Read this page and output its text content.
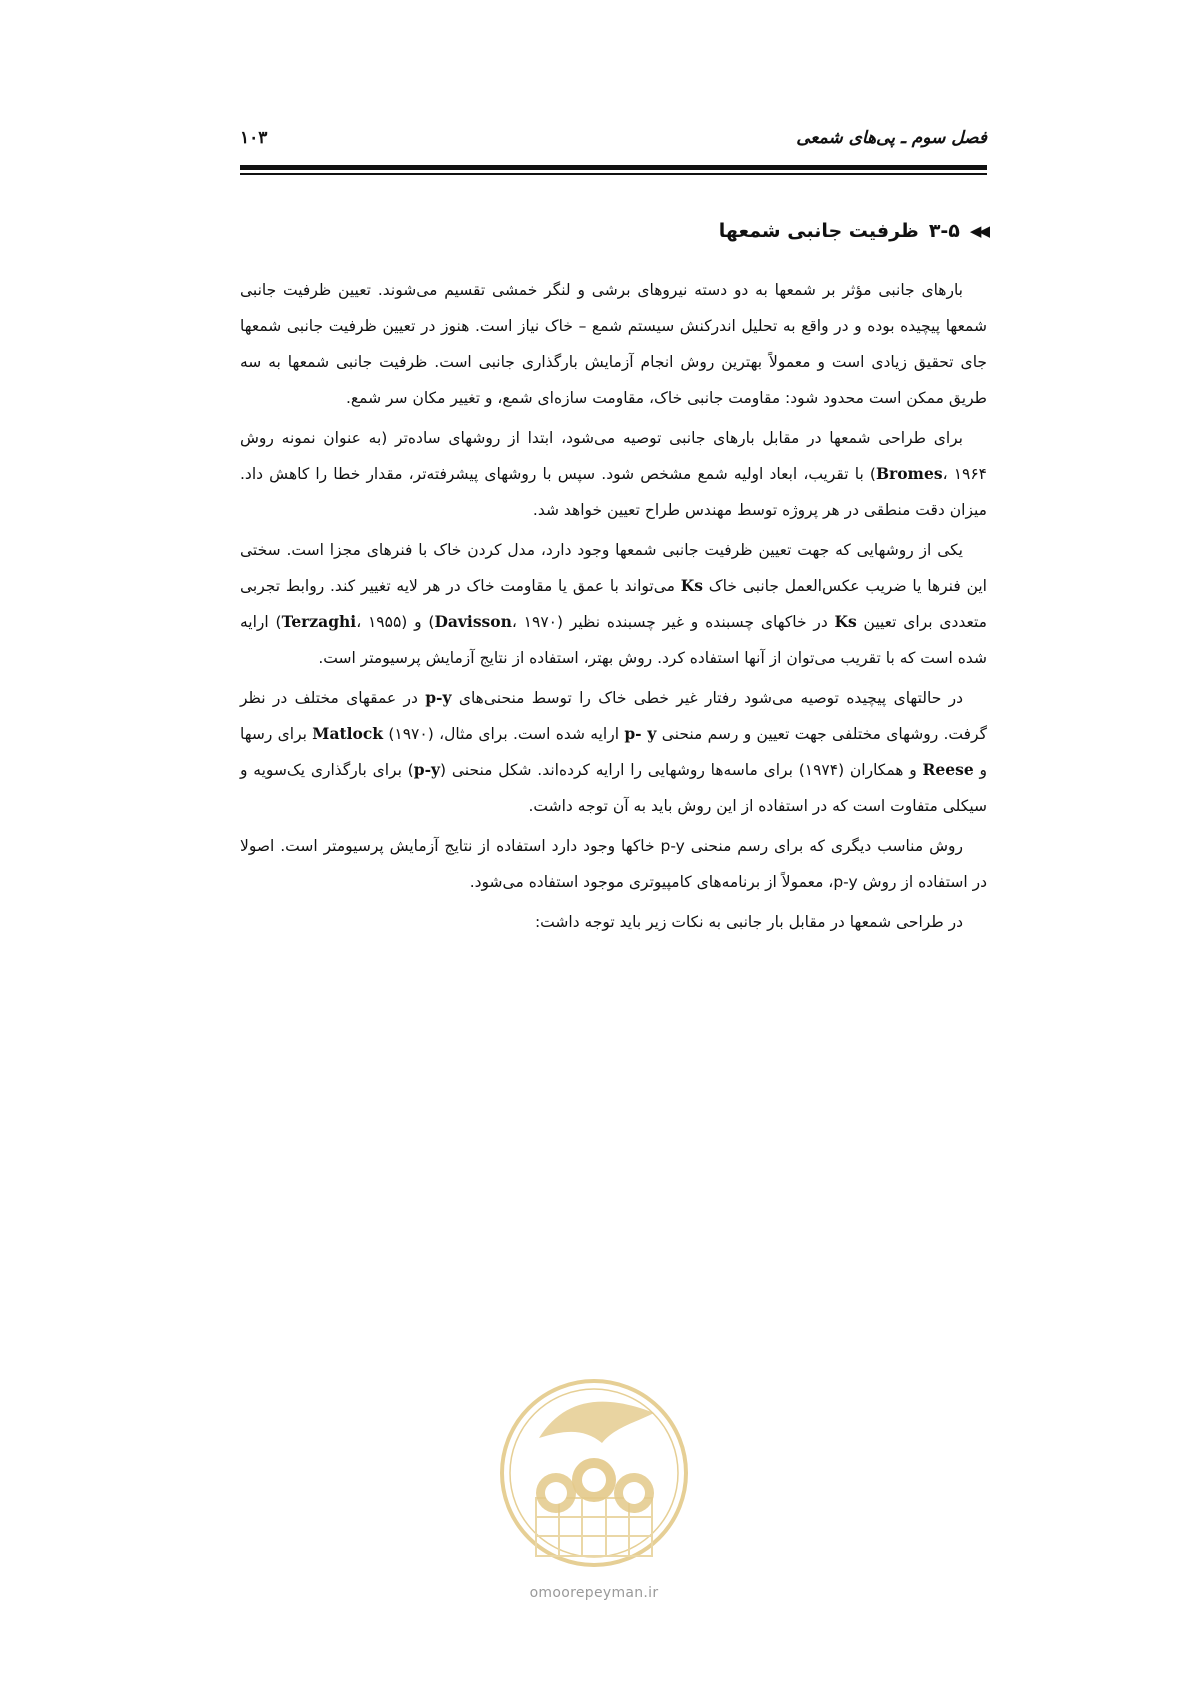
فصل سوم ـ پی‌های شمعی
۱۰۳
◀◀
۳-۵
ظرفیت جانبی شمعها

بارهای جانبی مؤثر بر شمعها به دو دسته نیروهای برشی و لنگر خمشی تقسیم می‌شوند. تعیین ظرفیت جانبی شمعها پیچیده بوده و در واقع به تحلیل اندرکنش سیستم شمع – خاک نیاز است. هنوز در تعیین ظرفیت جانبی شمعها جای تحقیق زیادی است و معمولاً بهترین روش انجام آزمایش بارگذاری جانبی است. ظرفیت جانبی شمعها به سه طریق ممکن است محدود شود: مقاومت جانبی خاک، مقاومت سازه‌ای شمع، و تغییر مکان سر شمع.

برای طراحی شمعها در مقابل بارهای جانبی توصیه می‌شود، ابتدا از روشهای ساده‌تر (به عنوان نمونه روش Bromes، ۱۹۶۴) با تقریب، ابعاد اولیه شمع مشخص شود. سپس با روشهای پیشرفته‌تر، مقدار خطا را کاهش داد. میزان دقت منطقی در هر پروژه توسط مهندس طراح تعیین خواهد شد.

یکی از روشهایی که جهت تعیین ظرفیت جانبی شمعها وجود دارد، مدل کردن خاک با فنرهای مجزا است. سختی این فنرها یا ضریب عکس‌العمل جانبی خاک Ks می‌تواند با عمق یا مقاومت خاک در هر لایه تغییر کند. روابط تجربی متعددی برای تعیین Ks در خاکهای چسبنده و غیر چسبنده نظیر (Davisson، ۱۹۷۰) و (Terzaghi، ۱۹۵۵) ارایه شده است که با تقریب می‌توان از آنها استفاده کرد. روش بهتر، استفاده از نتایج آزمایش پرسیومتر است.

در حالتهای پیچیده توصیه می‌شود رفتار غیر خطی خاک را توسط منحنی‌های p-y در عمقهای مختلف در نظر گرفت. روشهای مختلفی جهت تعیین و رسم منحنی p- y ارایه شده است. برای مثال، Matlock (۱۹۷۰) برای رسها و Reese و همکاران (۱۹۷۴) برای ماسه‌ها روشهایی را ارایه کرده‌اند. شکل منحنی (p-y) برای بارگذاری یک‌سویه و سیکلی متفاوت است که در استفاده از این روش باید به آن توجه داشت.

روش مناسب دیگری که برای رسم منحنی p-y خاکها وجود دارد استفاده از نتایج آزمایش پرسیومتر است. اصولا در استفاده از روش p-y، معمولاً از برنامه‌های کامپیوتری موجود استفاده می‌شود.

در طراحی شمعها در مقابل بار جانبی به نکات زیر باید توجه داشت:

omoorepeyman.ir
